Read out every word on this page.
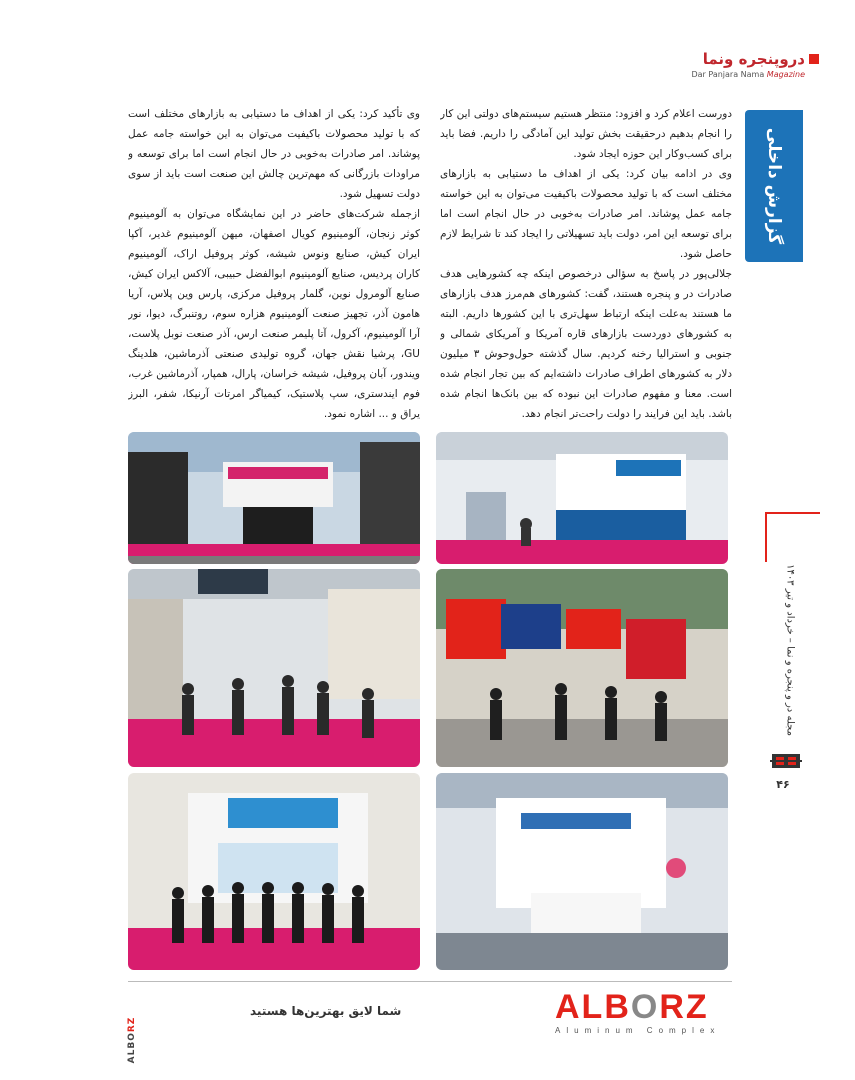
دروپنجره ونما
Dar Panjara Nama Magazine
گزارش داخلی
مجله در و پنجره و نما – خرداد و تیر ۱۴۰۳
۴۶

دورست اعلام کرد و افزود: منتظر هستیم سیستم‌های دولتی این کار را انجام بدهیم درحقیقت بخش تولید این آمادگی را داریم. فضا باید برای کسب‌وکار این حوزه ایجاد شود.

وی در ادامه بیان کرد: یکی از اهداف ما دستیابی به بازارهای مختلف است که با تولید محصولات باکیفیت می‌توان به این خواسته جامه عمل پوشاند. امر صادرات به‌خوبی در حال انجام است اما برای توسعه این امر، دولت باید تسهیلاتی را ایجاد کند تا شرایط لازم حاصل شود.

جلالی‌پور در پاسخ به سؤالی درخصوص اینکه چه کشورهایی هدف صادرات در و پنجره هستند، گفت: کشورهای هم‌مرز هدف بازارهای ما هستند به‌علت اینکه ارتباط سهل‌تری با این کشورها داریم. البته به کشورهای دوردست بازارهای قاره آمریکا و آمریکای شمالی و جنوبی و استرالیا رخنه کردیم. سال گذشته حول‌وحوش ۳ میلیون دلار به کشورهای اطراف صادرات داشته‌ایم که بین تجار انجام شده است. معنا و مفهوم صادرات این نبوده که بین بانک‌ها انجام شده باشد. باید این فرایند را دولت راحت‌تر انجام دهد.

وی تأکید کرد: یکی از اهداف ما دستیابی به بازارهای مختلف است که با تولید محصولات باکیفیت می‌توان به این خواسته جامه عمل پوشاند. امر صادرات به‌خوبی در حال انجام است اما برای توسعه و مراودات بازرگانی که مهم‌ترین چالش این صنعت است باید از سوی دولت تسهیل شود.

ازجمله شرکت‌های حاضر در این نمایشگاه می‌توان به آلومینیوم کوثر زنجان، آلومینیوم کویال اصفهان، میهن آلومینیوم غدیر، آکپا ایران کیش، صنایع ونوس شیشه، کوثر پروفیل اراک، آلومینیوم کاران پردیس، صنایع آلومینیوم ابوالفضل حبیبی، آلاکس ایران کیش، صنایع آلومرول نوین، گلمار پروفیل مرکزی، پارس وین پلاس، آریا هامون آذر، تجهیز صنعت آلومینیوم هزاره سوم، روتنبرگ، دیوا، نور آرا آلومینیوم، آکرول، آتا پلیمر صنعت ارس، آذر صنعت نوبل پلاست، GU، پرشیا نقش جهان، گروه تولیدی صنعتی آذرماشین، هلدینگ ویندور، آبان پروفیل، شیشه خراسان، پارال، همپار، آذرماشین غرب، فوم ایندستری، سپ پلاستیک، کیمیاگر امرتات آرنیکا، شفر، البرز یراق و ... اشاره نمود.

ALBORZ
شما لایق بهترین‌ها هستید	ALBORZ
Aluminum Complex
